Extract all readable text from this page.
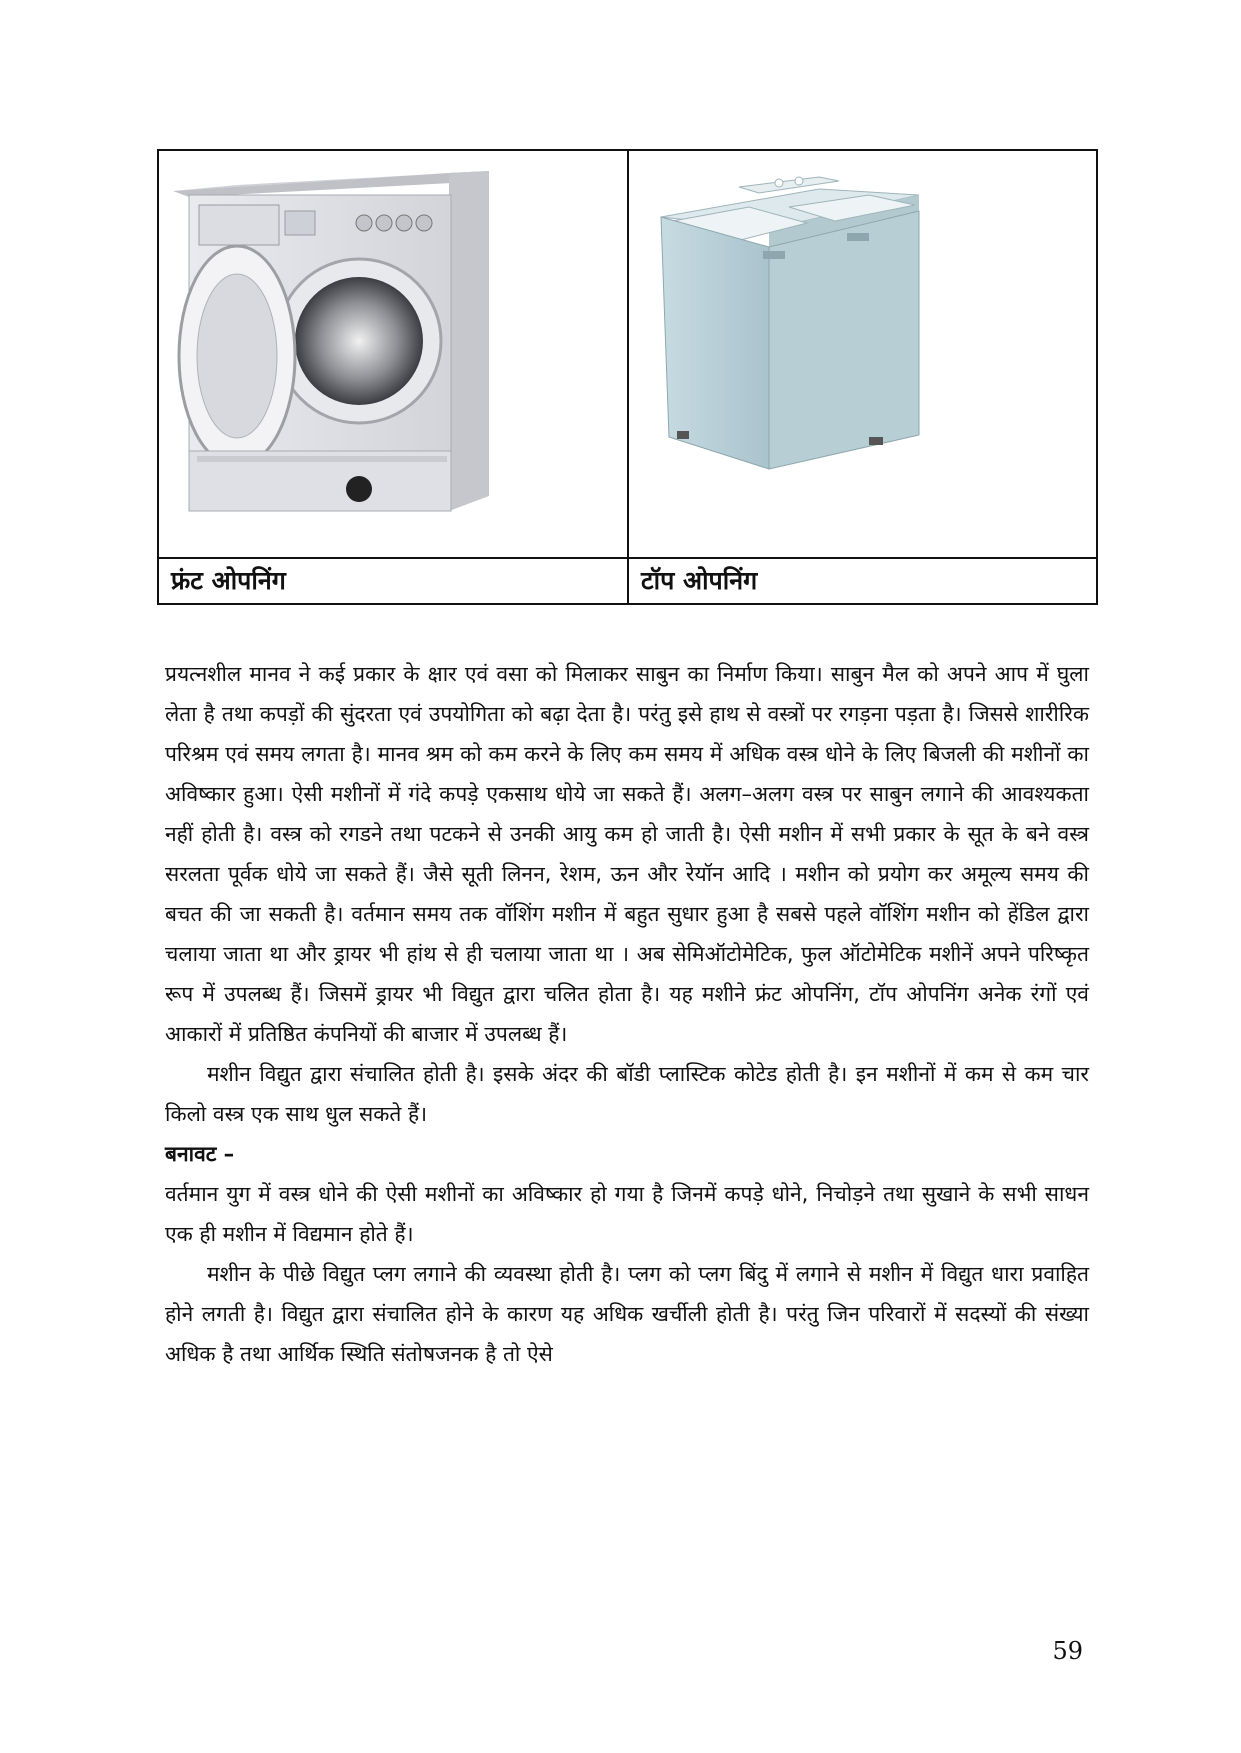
फ्रंट ओपनिंग	टॉप ओपनिंग

प्रयत्नशील मानव ने कई प्रकार के क्षार एवं वसा को मिलाकर साबुन का निर्माण किया। साबुन मैल को अपने आप में घुला लेता है तथा कपड़ों की सुंदरता एवं उपयोगिता को बढ़ा देता है। परंतु इसे हाथ से वस्त्रों पर रगड़ना पड़ता है। जिससे शारीरिक परिश्रम एवं समय लगता है। मानव श्रम को कम करने के लिए कम समय में अधिक वस्त्र धोने के लिए बिजली की मशीनों का अविष्कार हुआ। ऐसी मशीनों में गंदे कपड़े एकसाथ धोये जा सकते हैं। अलग–अलग वस्त्र पर साबुन लगाने की आवश्यकता नहीं होती है। वस्त्र को रगडने तथा पटकने से उनकी आयु कम हो जाती है। ऐसी मशीन में सभी प्रकार के सूत के बने वस्त्र सरलता पूर्वक धोये जा सकते हैं। जैसे सूती लिनन, रेशम, ऊन और रेयॉन आदि । मशीन को प्रयोग कर अमूल्य समय की बचत की जा सकती है। वर्तमान समय तक वॉशिंग मशीन में बहुत सुधार हुआ है सबसे पहले वॉशिंग मशीन को हेंडिल द्वारा चलाया जाता था और ड्रायर भी हांथ से ही चलाया जाता था । अब सेमिऑटोमेटिक, फुल ऑटोमेटिक मशीनें अपने परिष्कृत रूप में उपलब्ध हैं। जिसमें ड्रायर भी विद्युत द्वारा चलित होता है। यह मशीने फ्रंट ओपनिंग, टॉप ओपनिंग अनेक रंगों एवं आकारों में प्रतिष्ठित कंपनियों की बाजार में उपलब्ध हैं।

मशीन विद्युत द्वारा संचालित होती है। इसके अंदर की बॉडी प्लास्टिक कोटेड होती है। इन मशीनों में कम से कम चार किलो वस्त्र एक साथ धुल सकते हैं।

बनावट –

वर्तमान युग में वस्त्र धोने की ऐसी मशीनों का अविष्कार हो गया है जिनमें कपड़े धोने, निचोड़ने तथा सुखाने के सभी साधन एक ही मशीन में विद्यमान होते हैं।

मशीन के पीछे विद्युत प्लग लगाने की व्यवस्था होती है। प्लग को प्लग बिंदु में लगाने से मशीन में विद्युत धारा प्रवाहित होने लगती है। विद्युत द्वारा संचालित होने के कारण यह अधिक खर्चीली होती है। परंतु जिन परिवारों में सदस्यों की संख्या अधिक है तथा आर्थिक स्थिति संतोषजनक है तो ऐसे

59
